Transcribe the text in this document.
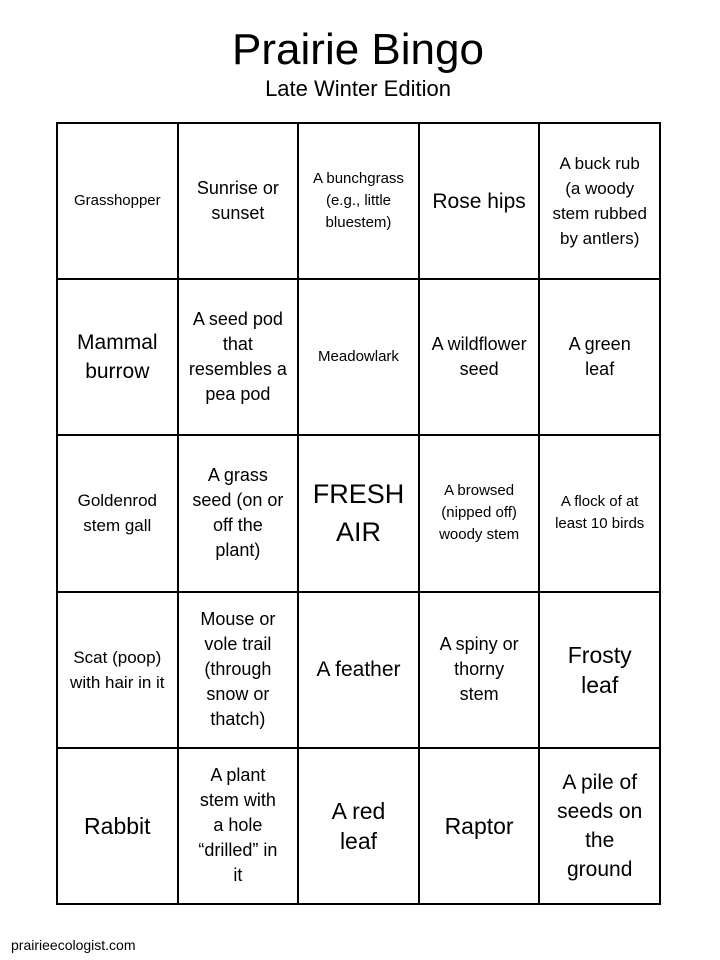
Prairie Bingo
Late Winter Edition
Grasshopper
Sunrise or sunset
A bunchgrass (e.g., little bluestem)
Rose hips
A buck rub (a woody stem rubbed by antlers)
Mammal burrow
A seed pod that resembles a pea pod
Meadowlark
A wildflower seed
A green leaf
Goldenrod stem gall
A grass seed (on or off the plant)
FRESH AIR
A browsed (nipped off) woody stem
A flock of at least 10 birds
Scat (poop) with hair in it
Mouse or vole trail (through snow or thatch)
A feather
A spiny or thorny stem
Frosty leaf
Rabbit
A plant stem with a hole “drilled” in it
A red leaf
Raptor
A pile of seeds on the ground
prairieecologist.com
